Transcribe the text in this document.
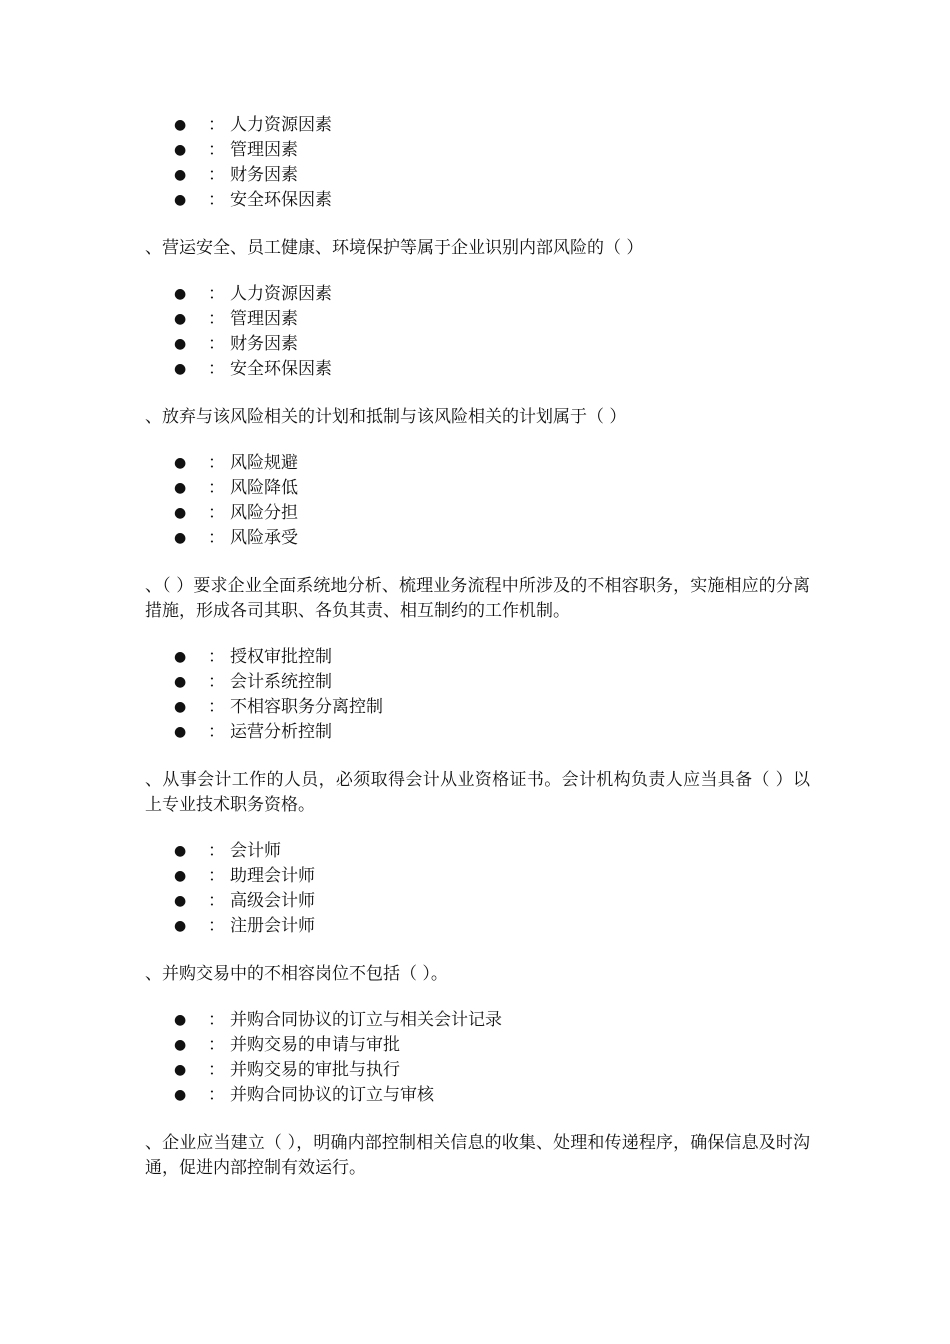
● ： 人力资源因素
● ： 管理因素
● ： 财务因素
● ： 安全环保因素

、营运安全、员工健康、环境保护等属于企业识别内部风险的（ ）

● ： 人力资源因素
● ： 管理因素
● ： 财务因素
● ： 安全环保因素

、放弃与该风险相关的计划和抵制与该风险相关的计划属于（ ）

● ： 风险规避
● ： 风险降低
● ： 风险分担
● ： 风险承受

、（ ）要求企业全面系统地分析、梳理业务流程中所涉及的不相容职务，实施相应的分离措施，形成各司其职、各负其责、相互制约的工作机制。

● ： 授权审批控制
● ： 会计系统控制
● ： 不相容职务分离控制
● ： 运营分析控制

、从事会计工作的人员，必须取得会计从业资格证书。会计机构负责人应当具备（ ）以上专业技术职务资格。

● ： 会计师
● ： 助理会计师
● ： 高级会计师
● ： 注册会计师

、并购交易中的不相容岗位不包括（ ）。

● ： 并购合同协议的订立与相关会计记录
● ： 并购交易的申请与审批
● ： 并购交易的审批与执行
● ： 并购合同协议的订立与审核

、企业应当建立（ ），明确内部控制相关信息的收集、处理和传递程序，确保信息及时沟通，促进内部控制有效运行。
